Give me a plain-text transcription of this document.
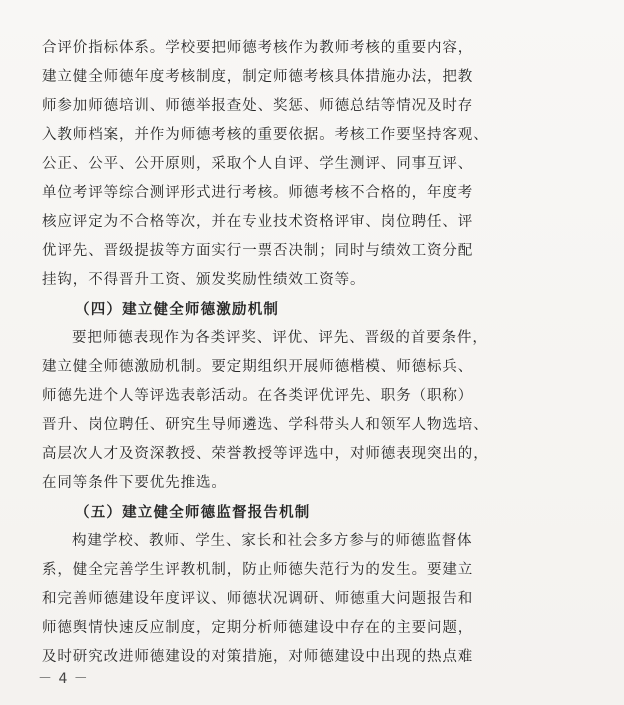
合评价指标体系。学校要把师德考核作为教师考核的重要内容，
建立健全师德年度考核制度，制定师德考核具体措施办法，把教
师参加师德培训、师德举报查处、奖惩、师德总结等情况及时存
入教师档案，并作为师德考核的重要依据。考核工作要坚持客观、
公正、公平、公开原则，采取个人自评、学生测评、同事互评、
单位考评等综合测评形式进行考核。师德考核不合格的，年度考
核应评定为不合格等次，并在专业技术资格评审、岗位聘任、评
优评先、晋级提拔等方面实行一票否决制；同时与绩效工资分配
挂钩，不得晋升工资、颁发奖励性绩效工资等。
（四）建立健全师德激励机制
要把师德表现作为各类评奖、评优、评先、晋级的首要条件，
建立健全师德激励机制。要定期组织开展师德楷模、师德标兵、
师德先进个人等评选表彰活动。在各类评优评先、职务（职称）
晋升、岗位聘任、研究生导师遴选、学科带头人和领军人物选培、
高层次人才及资深教授、荣誉教授等评选中，对师德表现突出的，
在同等条件下要优先推选。
（五）建立健全师德监督报告机制
构建学校、教师、学生、家长和社会多方参与的师德监督体
系，健全完善学生评教机制，防止师德失范行为的发生。要建立
和完善师德建设年度评议、师德状况调研、师德重大问题报告和
师德舆情快速反应制度，定期分析师德建设中存在的主要问题，
及时研究改进师德建设的对策措施，对师德建设中出现的热点难
－ 4 －
